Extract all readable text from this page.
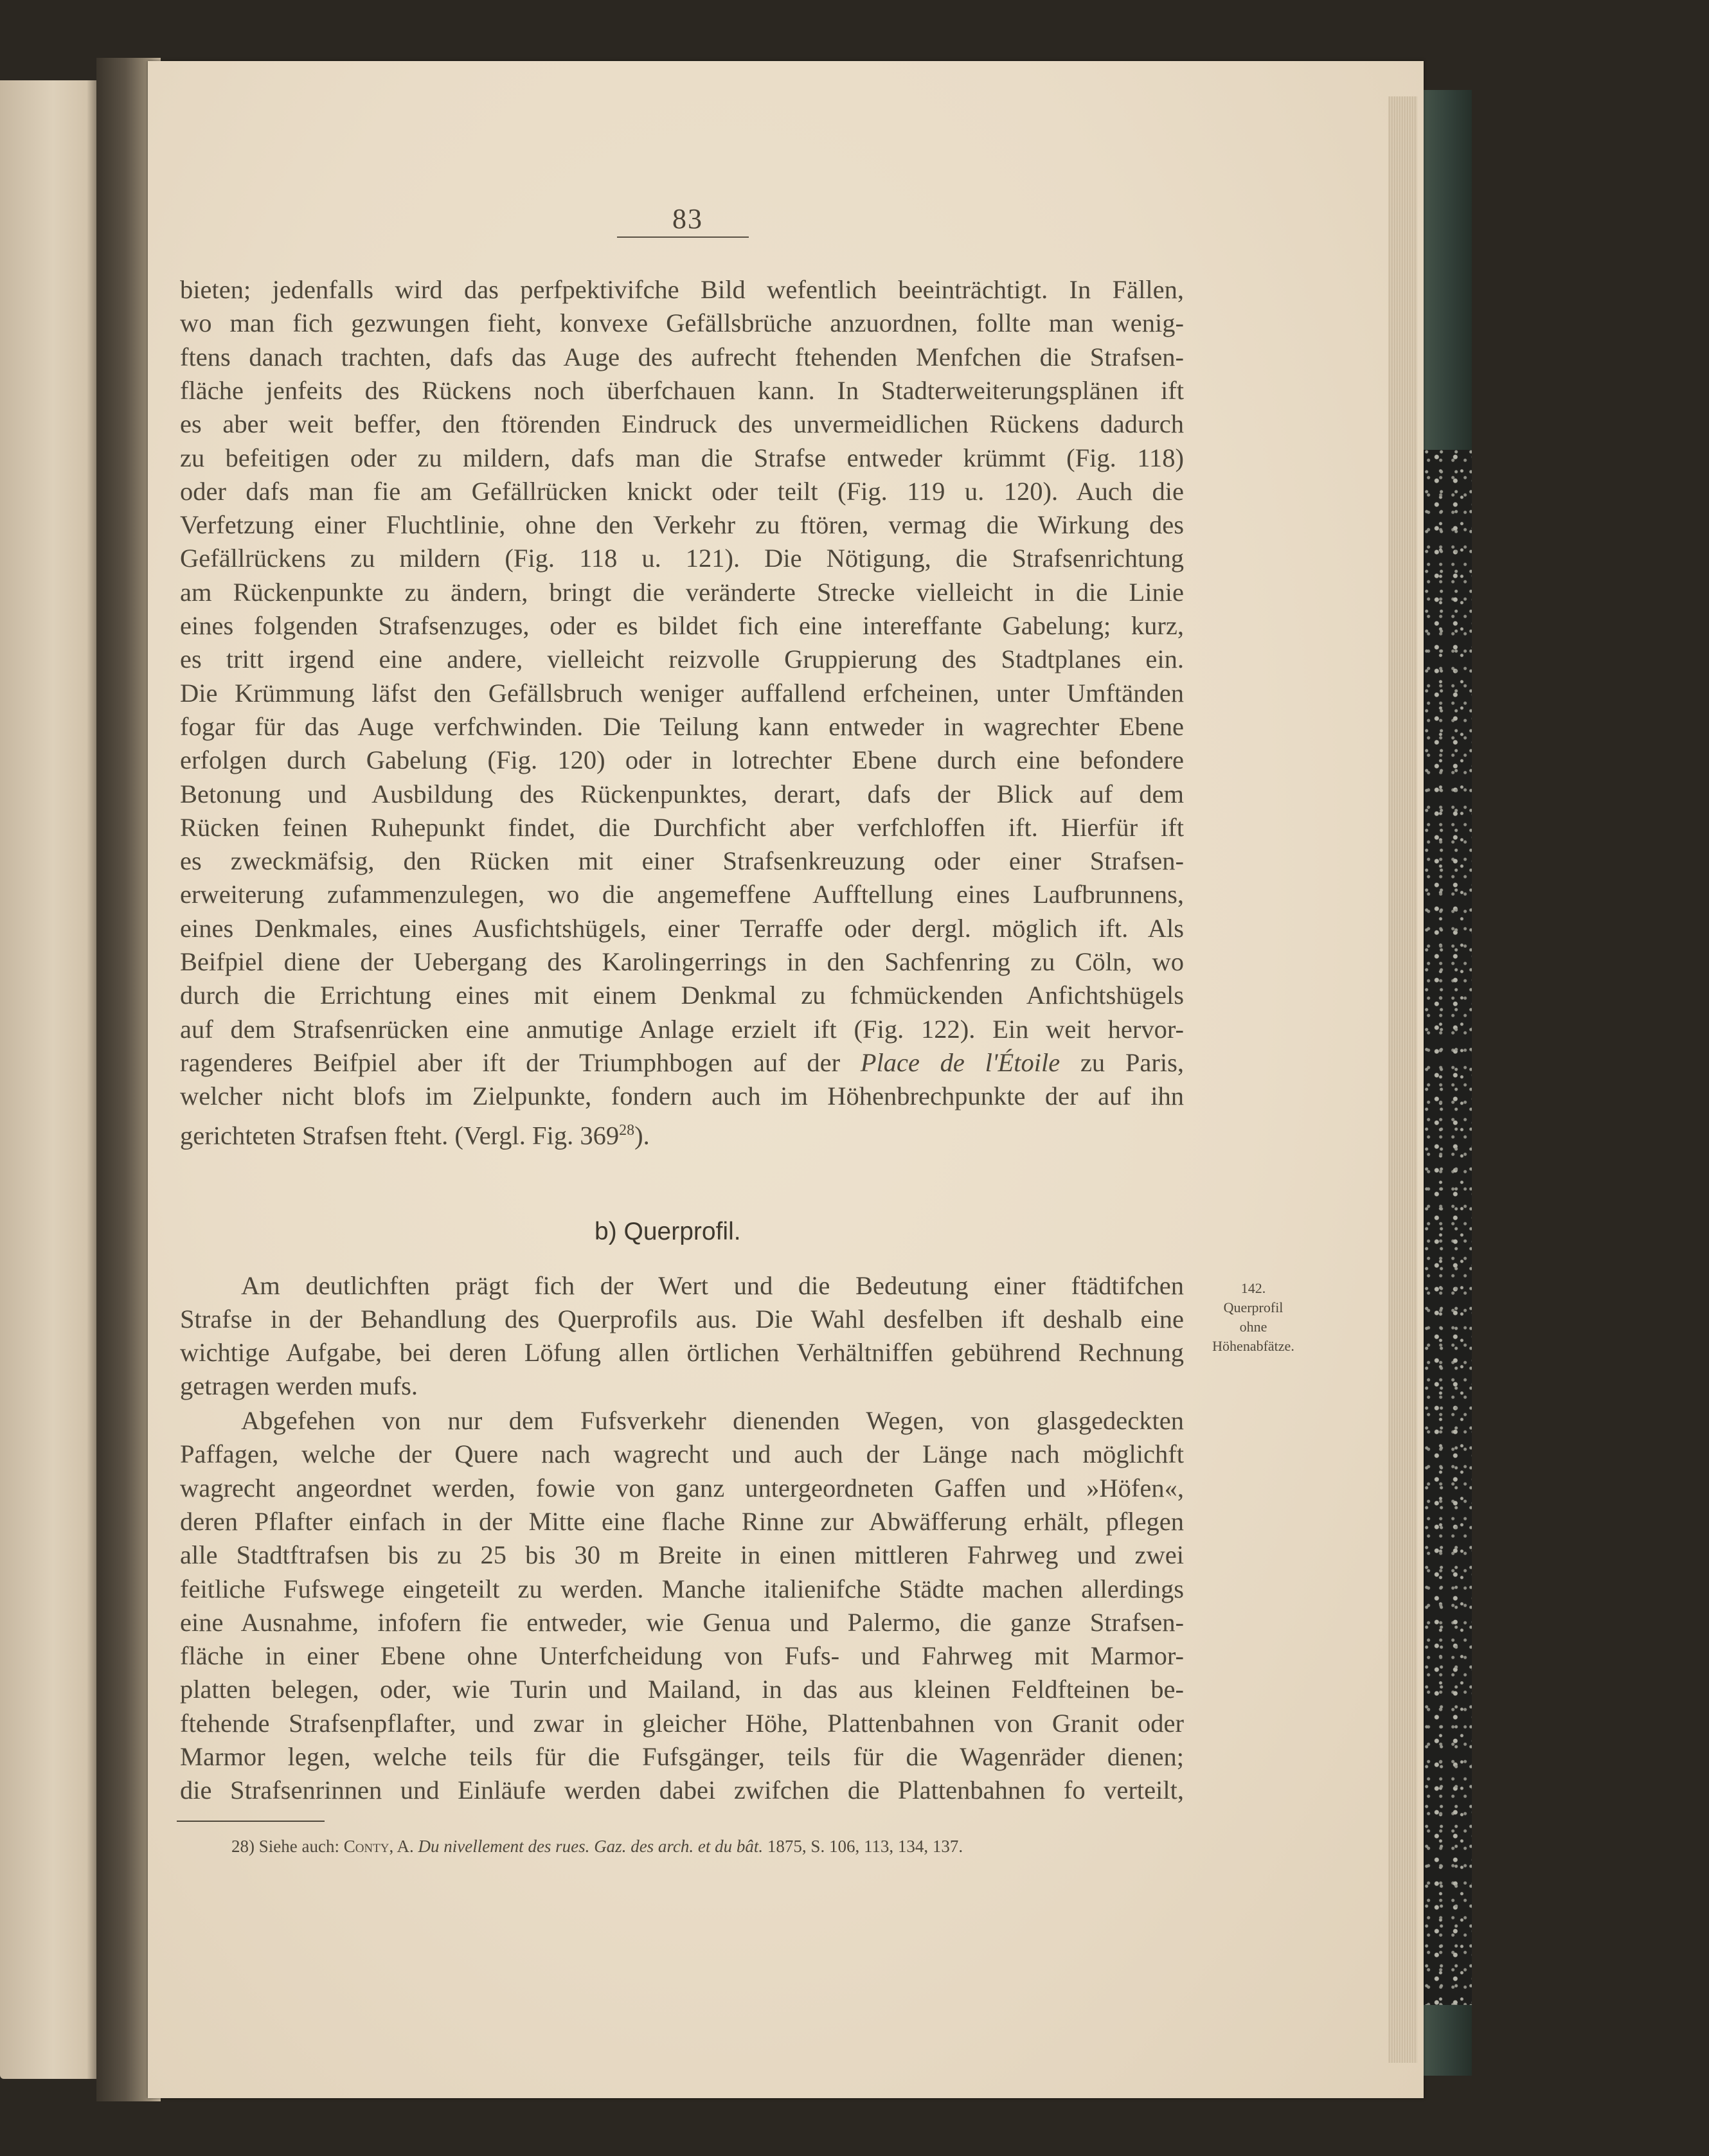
83

bieten; jedenfalls wird das perfpektivifche Bild wefentlich beeinträchtigt. In Fällen,

wo man fich gezwungen fieht, konvexe Gefällsbrüche anzuordnen, follte man wenig-

ftens danach trachten, dafs das Auge des aufrecht ftehenden Menfchen die Strafsen-

fläche jenfeits des Rückens noch überfchauen kann. In Stadterweiterungsplänen ift

es aber weit beffer, den ftörenden Eindruck des unvermeidlichen Rückens dadurch

zu befeitigen oder zu mildern, dafs man die Strafse entweder krümmt (Fig. 118)

oder dafs man fie am Gefällrücken knickt oder teilt (Fig. 119 u. 120). Auch die

Verfetzung einer Fluchtlinie, ohne den Verkehr zu ftören, vermag die Wirkung des

Gefällrückens zu mildern (Fig. 118 u. 121). Die Nötigung, die Strafsenrichtung

am Rückenpunkte zu ändern, bringt die veränderte Strecke vielleicht in die Linie

eines folgenden Strafsenzuges, oder es bildet fich eine intereffante Gabelung; kurz,

es tritt irgend eine andere, vielleicht reizvolle Gruppierung des Stadtplanes ein.

Die Krümmung läfst den Gefällsbruch weniger auffallend erfcheinen, unter Umftänden

fogar für das Auge verfchwinden. Die Teilung kann entweder in wagrechter Ebene

erfolgen durch Gabelung (Fig. 120) oder in lotrechter Ebene durch eine befondere

Betonung und Ausbildung des Rückenpunktes, derart, dafs der Blick auf dem

Rücken feinen Ruhepunkt findet, die Durchficht aber verfchloffen ift. Hierfür ift

es zweckmäfsig, den Rücken mit einer Strafsenkreuzung oder einer Strafsen-

erweiterung zufammenzulegen, wo die angemeffene Aufftellung eines Laufbrunnens,

eines Denkmales, eines Ausfichtshügels, einer Terraffe oder dergl. möglich ift. Als

Beifpiel diene der Uebergang des Karolingerrings in den Sachfenring zu Cöln, wo

durch die Errichtung eines mit einem Denkmal zu fchmückenden Anfichtshügels

auf dem Strafsenrücken eine anmutige Anlage erzielt ift (Fig. 122). Ein weit hervor-

ragenderes Beifpiel aber ift der Triumphbogen auf der Place de l'Étoile zu Paris,

welcher nicht blofs im Zielpunkte, fondern auch im Höhenbrechpunkte der auf ihn

gerichteten Strafsen fteht. (Vergl. Fig. $369^{28}$).

b) Querprofil.

Am deutlichften prägt fich der Wert und die Bedeutung einer ftädtifchen

Strafse in der Behandlung des Querprofils aus. Die Wahl desfelben ift deshalb eine

wichtige Aufgabe, bei deren Löfung allen örtlichen Verhältniffen gebührend Rechnung

getragen werden mufs.

Abgefehen von nur dem Fufsverkehr dienenden Wegen, von glasgedeckten

Paffagen, welche der Quere nach wagrecht und auch der Länge nach möglichft

wagrecht angeordnet werden, fowie von ganz untergeordneten Gaffen und »Höfen«,

deren Pflafter einfach in der Mitte eine flache Rinne zur Abwäfferung erhält, pflegen

alle Stadtftrafsen bis zu 25 bis 30 m Breite in einen mittleren Fahrweg und zwei

feitliche Fufswege eingeteilt zu werden. Manche italienifche Städte machen allerdings

eine Ausnahme, infofern fie entweder, wie Genua und Palermo, die ganze Strafsen-

fläche in einer Ebene ohne Unterfcheidung von Fufs- und Fahrweg mit Marmor-

platten belegen, oder, wie Turin und Mailand, in das aus kleinen Feldfteinen be-

ftehende Strafsenpflafter, und zwar in gleicher Höhe, Plattenbahnen von Granit oder

Marmor legen, welche teils für die Fufsgänger, teils für die Wagenräder dienen;

die Strafsenrinnen und Einläufe werden dabei zwifchen die Plattenbahnen fo verteilt,

142.

Querprofil

ohne

Höhenabfätze.

28) Siehe auch: Conty, A. Du nivellement des rues. Gaz. des arch. et du bât. 1875, S. 106, 113, 134, 137.
